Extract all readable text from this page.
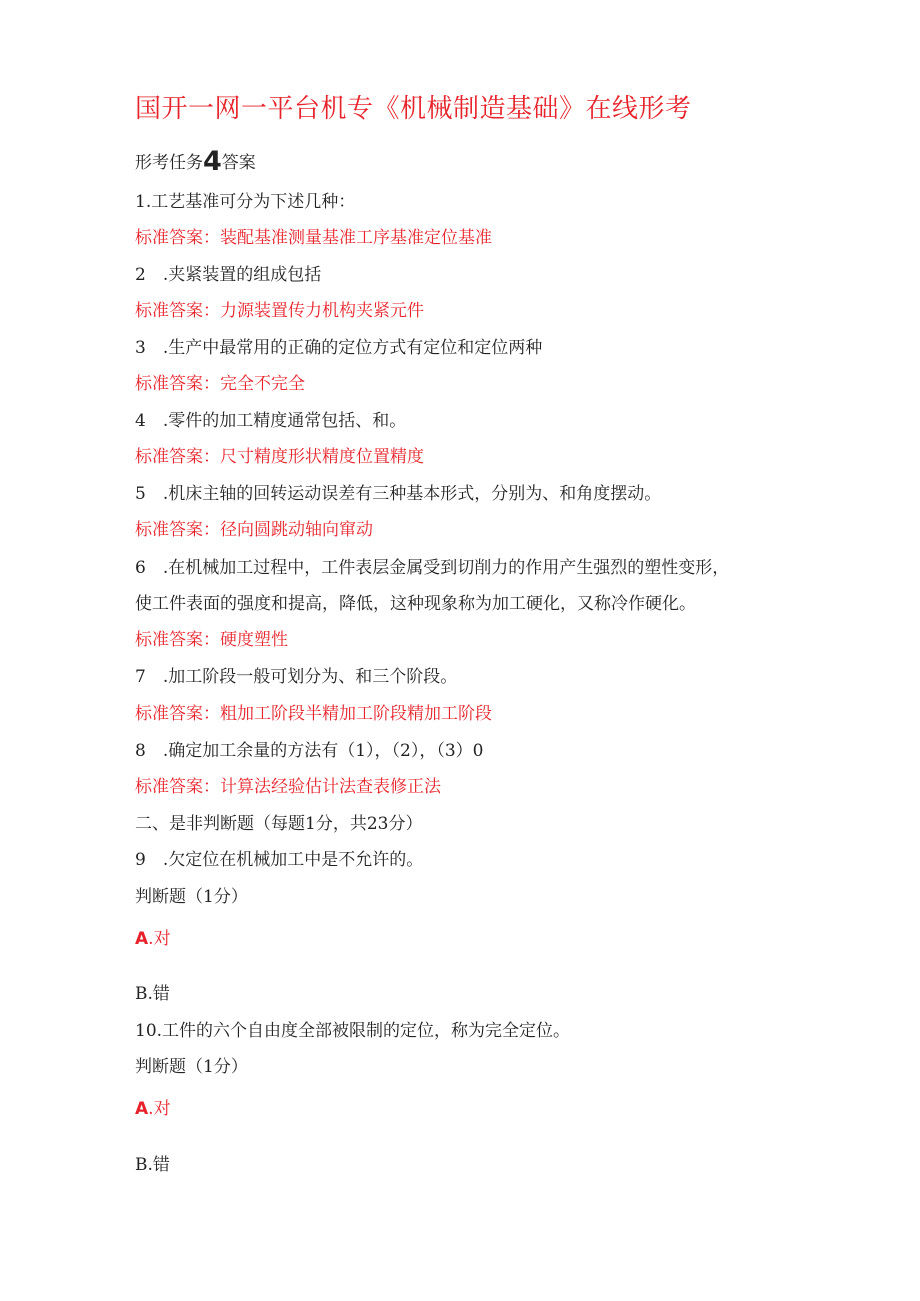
国开一网一平台机专《机械制造基础》在线形考
形考任务4答案
1.工艺基准可分为下述几种：
标准答案：装配基准测量基准工序基准定位基准
2　.夹紧装置的组成包括
标准答案：力源装置传力机构夹紧元件
3　.生产中最常用的正确的定位方式有定位和定位两种
标准答案：完全不完全
4　.零件的加工精度通常包括、和。
标准答案：尺寸精度形状精度位置精度
5　.机床主轴的回转运动误差有三种基本形式，分别为、和角度摆动。
标准答案：径向圆跳动轴向窜动
6　.在机械加工过程中，工件表层金属受到切削力的作用产生强烈的塑性变形，
使工件表面的强度和提高，降低，这种现象称为加工硬化，又称冷作硬化。
标准答案：硬度塑性
7　.加工阶段一般可划分为、和三个阶段。
标准答案：粗加工阶段半精加工阶段精加工阶段
8　.确定加工余量的方法有（1），（2），（3）0
标准答案：计算法经验估计法查表修正法
二、是非判断题（每题1分，共23分）
9　.欠定位在机械加工中是不允许的。
判断题（1分）
A.对
B.错
10.工件的六个自由度全部被限制的定位，称为完全定位。
判断题（1分）
A.对
B.错
